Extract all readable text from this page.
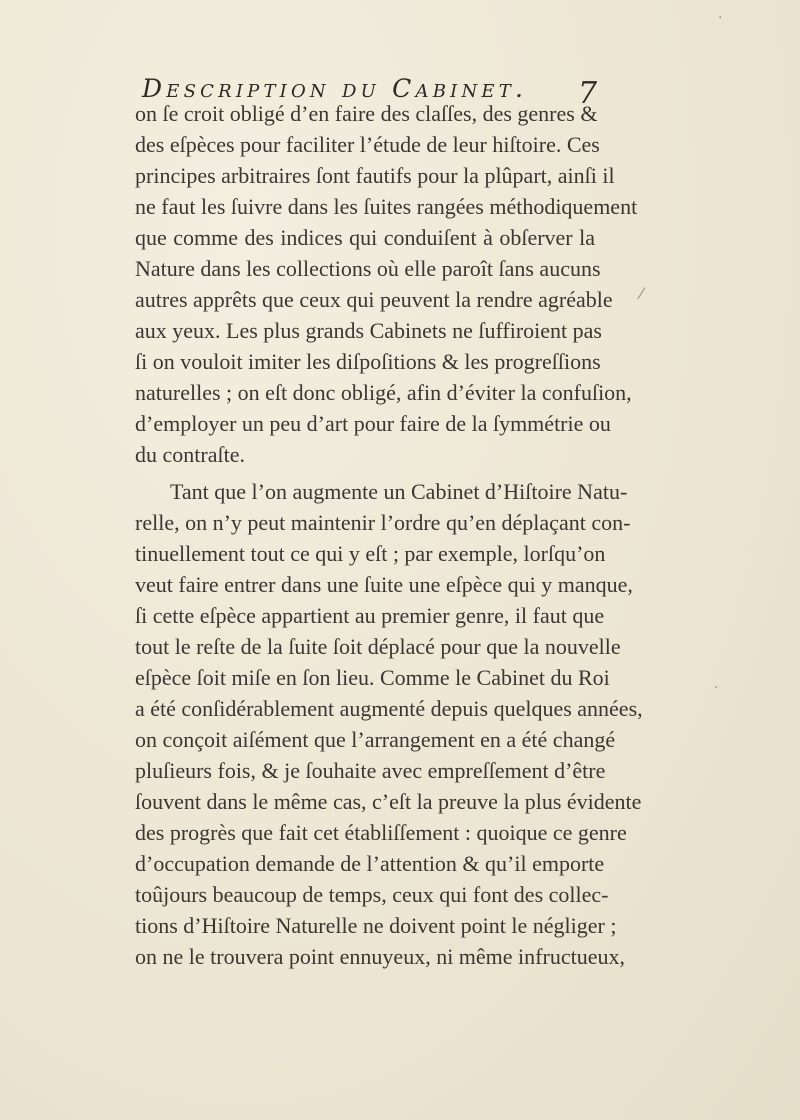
Description du Cabinet.	7
on ſe croit obligé d’en faire des claſſes, des genres &
des eſpèces pour faciliter l’étude de leur hiſtoire. Ces
principes arbitraires ſont fautifs pour la plûpart, ainſi il
ne faut les ſuivre dans les ſuites rangées méthodiquement
que comme des indices qui conduiſent à obſerver la
Nature dans les collections où elle paroît ſans aucuns
autres apprêts que ceux qui peuvent la rendre agréable
aux yeux. Les plus grands Cabinets ne ſuffiroient pas
ſi on vouloit imiter les diſpoſitions & les progreſſions
naturelles ; on eſt donc obligé, afin d’éviter la confuſion,
d’employer un peu d’art pour faire de la ſymmétrie ou
du contraſte.
Tant que l’on augmente un Cabinet d’Hiſtoire Natu-
relle, on n’y peut maintenir l’ordre qu’en déplaçant con-
tinuellement tout ce qui y eſt ; par exemple, lorſqu’on
veut faire entrer dans une ſuite une eſpèce qui y manque,
ſi cette eſpèce appartient au premier genre, il faut que
tout le reſte de la ſuite ſoit déplacé pour que la nouvelle
eſpèce ſoit miſe en ſon lieu. Comme le Cabinet du Roi
a été conſidérablement augmenté depuis quelques années,
on conçoit aiſément que l’arrangement en a été changé
pluſieurs fois, & je ſouhaite avec empreſſement d’être
ſouvent dans le même cas, c’eſt la preuve la plus évidente
des progrès que fait cet établiſſement : quoique ce genre
d’occupation demande de l’attention & qu’il emporte
toûjours beaucoup de temps, ceux qui font des collec-
tions d’Hiſtoire Naturelle ne doivent point le négliger ;
on ne le trouvera point ennuyeux, ni même infructueux,
·
⁄
·
